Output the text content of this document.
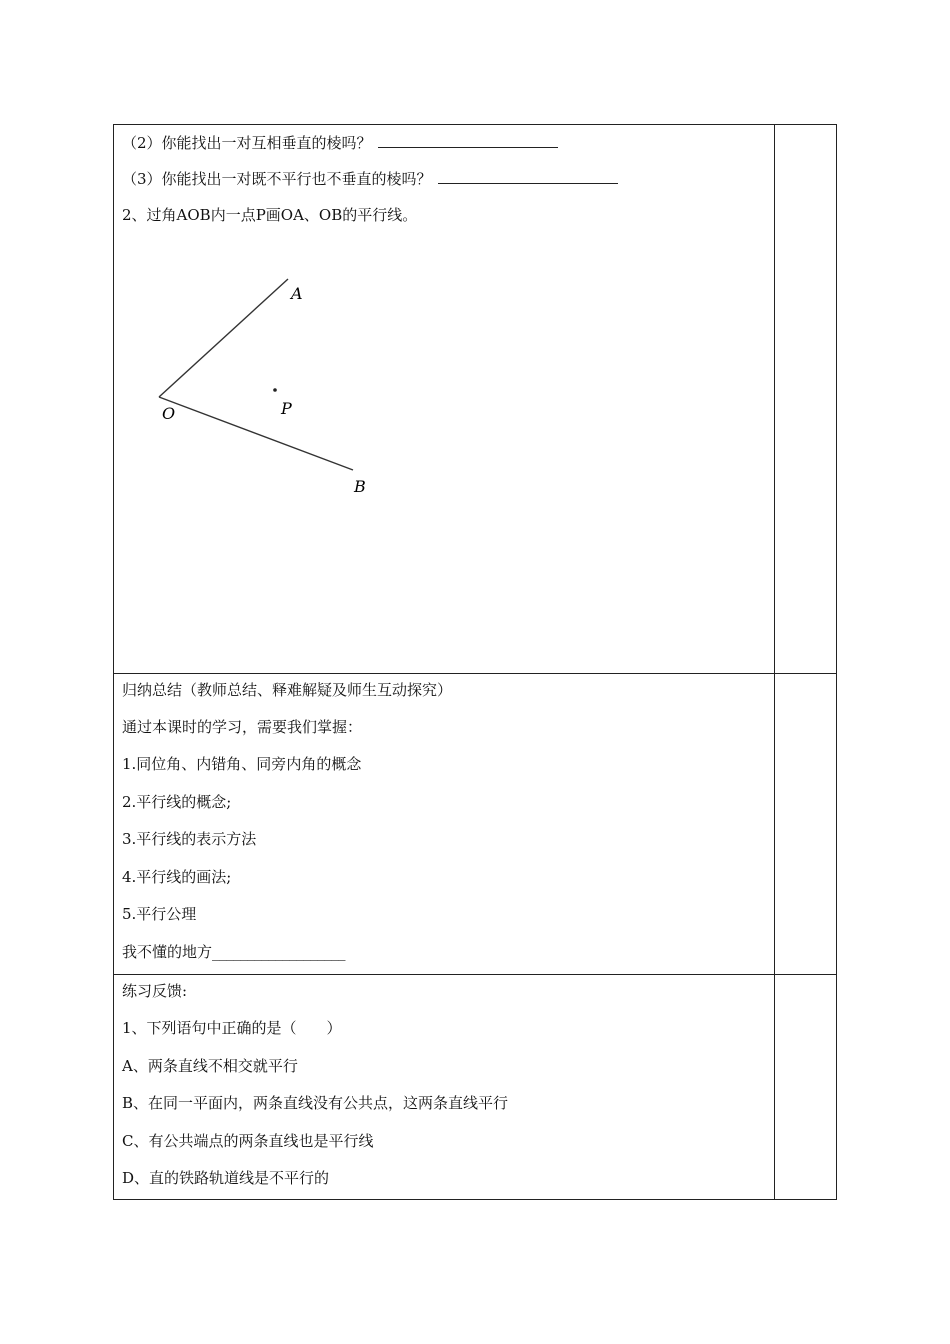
（2）你能找出一对互相垂直的棱吗？
（3）你能找出一对既不平行也不垂直的棱吗？
2、过角AOB内一点P画OA、OB的平行线。
A
O	P
B
归纳总结（教师总结、释难解疑及师生互动探究）
通过本课时的学习，需要我们掌握：
1.同位角、内错角、同旁内角的概念
2.平行线的概念;
3.平行线的表示方法
4.平行线的画法;
5.平行公理
我不懂的地方___________________
练习反馈:
1、下列语句中正确的是（　　）
A、两条直线不相交就平行
B、在同一平面内，两条直线没有公共点，这两条直线平行
C、有公共端点的两条直线也是平行线
D、直的铁路轨道线是不平行的
